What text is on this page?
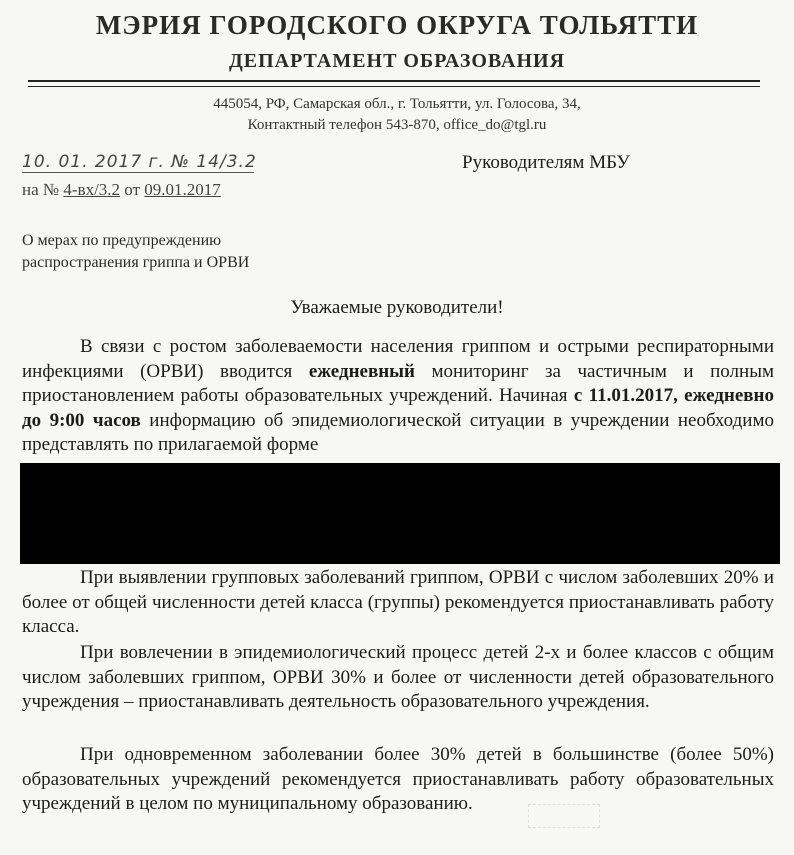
МЭРИЯ ГОРОДСКОГО ОКРУГА ТОЛЬЯТТИ
ДЕПАРТАМЕНТ ОБРАЗОВАНИЯ
445054, РФ, Самарская обл., г. Тольятти, ул. Голосова, 34,
Контактный телефон 543-870, office_do@tgl.ru
10. 01. 2017 г. № 14/3.2
на № 4-вх/3.2 от 09.01.2017
Руководителям МБУ
О мерах по предупреждению
распространения гриппа и ОРВИ
Уважаемые руководители!

В связи с ростом заболеваемости населения гриппом и острыми респираторными инфекциями (ОРВИ) вводится ежедневный мониторинг за частичным и полным приостановлением работы образовательных учреждений. Начиная с 11.01.2017, ежедневно до 9:00 часов информацию об эпидемиологической ситуации в учреждении необходимо представлять по прилагаемой форме

При выявлении групповых заболеваний гриппом, ОРВИ с числом заболевших 20% и более от общей численности детей класса (группы) рекомендуется приостанавливать работу класса.

При вовлечении в эпидемиологический процесс детей 2-х и более классов с общим числом заболевших гриппом, ОРВИ 30% и более от численности детей образовательного учреждения – приостанавливать деятельность образовательного учреждения.

При одновременном заболевании более 30% детей в большинстве (более 50%) образовательных учреждений рекомендуется приостанавливать работу образовательных учреждений в целом по муниципальному образованию.
